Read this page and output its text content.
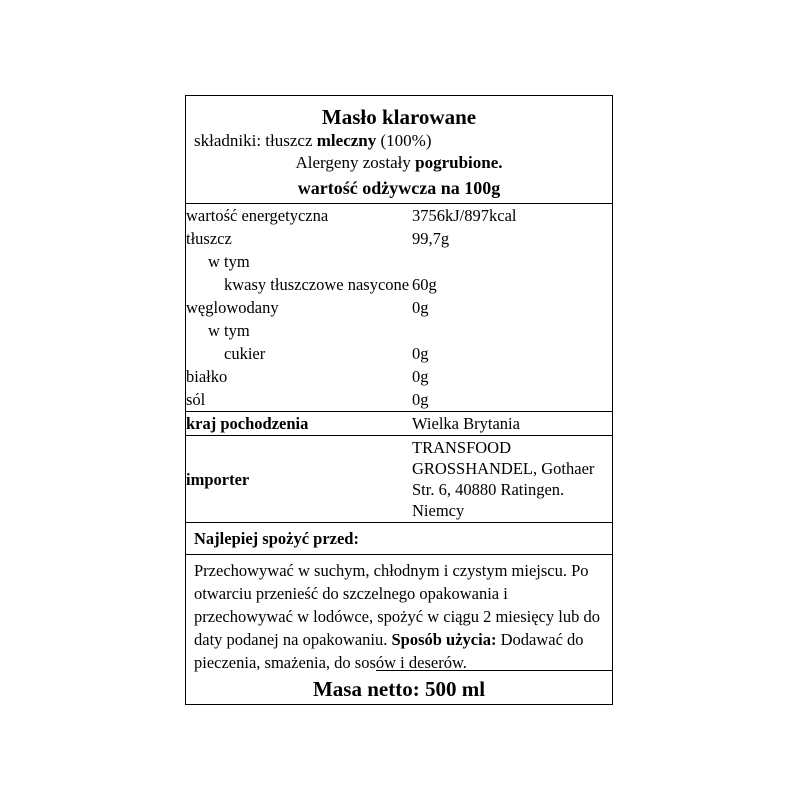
Masło klarowane
składniki: tłuszcz mleczny (100%)
Alergeny zostały pogrubione.
wartość odżywcza na 100g
wartość energetyczna	3756kJ/897kcal
tłuszcz	99,7g
w tym	
kwasy tłuszczowe nasycone	60g
węglowodany	0g
w tym	
cukier	0g
białko	0g
sól	0g
kraj pochodzenia	Wielka Brytania
importer	TRANSFOOD GROSSHANDEL, Gothaer Str. 6, 40880 Ratingen. Niemcy
Najlepiej spożyć przed:
Przechowywać w suchym, chłodnym i czystym miejscu. Po otwarciu przenieść do szczelnego opakowania i przechowywać w lodówce, spożyć w ciągu 2 miesięcy lub do daty podanej na opakowaniu. Sposób użycia: Dodawać do pieczenia, smażenia, do sosów i deserów.
Masa netto: 500 ml
